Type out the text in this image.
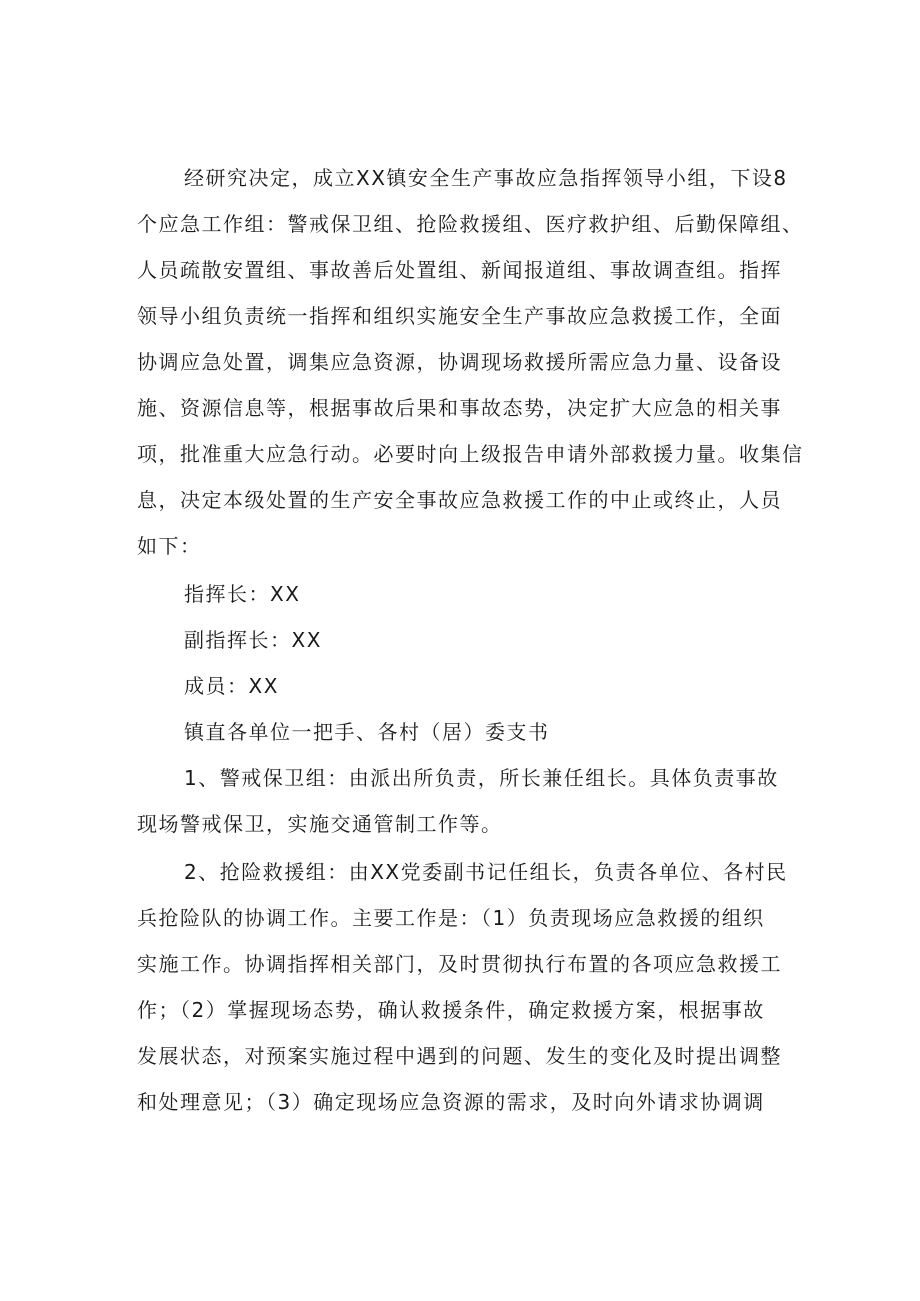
经研究决定，成立XX镇安全生产事故应急指挥领导小组，下设8
个应急工作组：警戒保卫组、抢险救援组、医疗救护组、后勤保障组、
人员疏散安置组、事故善后处置组、新闻报道组、事故调查组。指挥
领导小组负责统一指挥和组织实施安全生产事故应急救援工作，全面
协调应急处置，调集应急资源，协调现场救援所需应急力量、设备设
施、资源信息等，根据事故后果和事故态势，决定扩大应急的相关事
项，批准重大应急行动。必要时向上级报告申请外部救援力量。收集信
息，决定本级处置的生产安全事故应急救援工作的中止或终止，人员
如下：
指挥长：XX
副指挥长：XX
成员：XX
镇直各单位一把手、各村（居）委支书
1、警戒保卫组：由派出所负责，所长兼任组长。具体负责事故
现场警戒保卫，实施交通管制工作等。
2、抢险救援组：由XX党委副书记任组长，负责各单位、各村民
兵抢险队的协调工作。主要工作是：（1）负责现场应急救援的组织
实施工作。协调指挥相关部门，及时贯彻执行布置的各项应急救援工
作；（2）掌握现场态势，确认救援条件，确定救援方案，根据事故
发展状态，对预案实施过程中遇到的问题、发生的变化及时提出调整
和处理意见；（3）确定现场应急资源的需求，及时向外请求协调调
